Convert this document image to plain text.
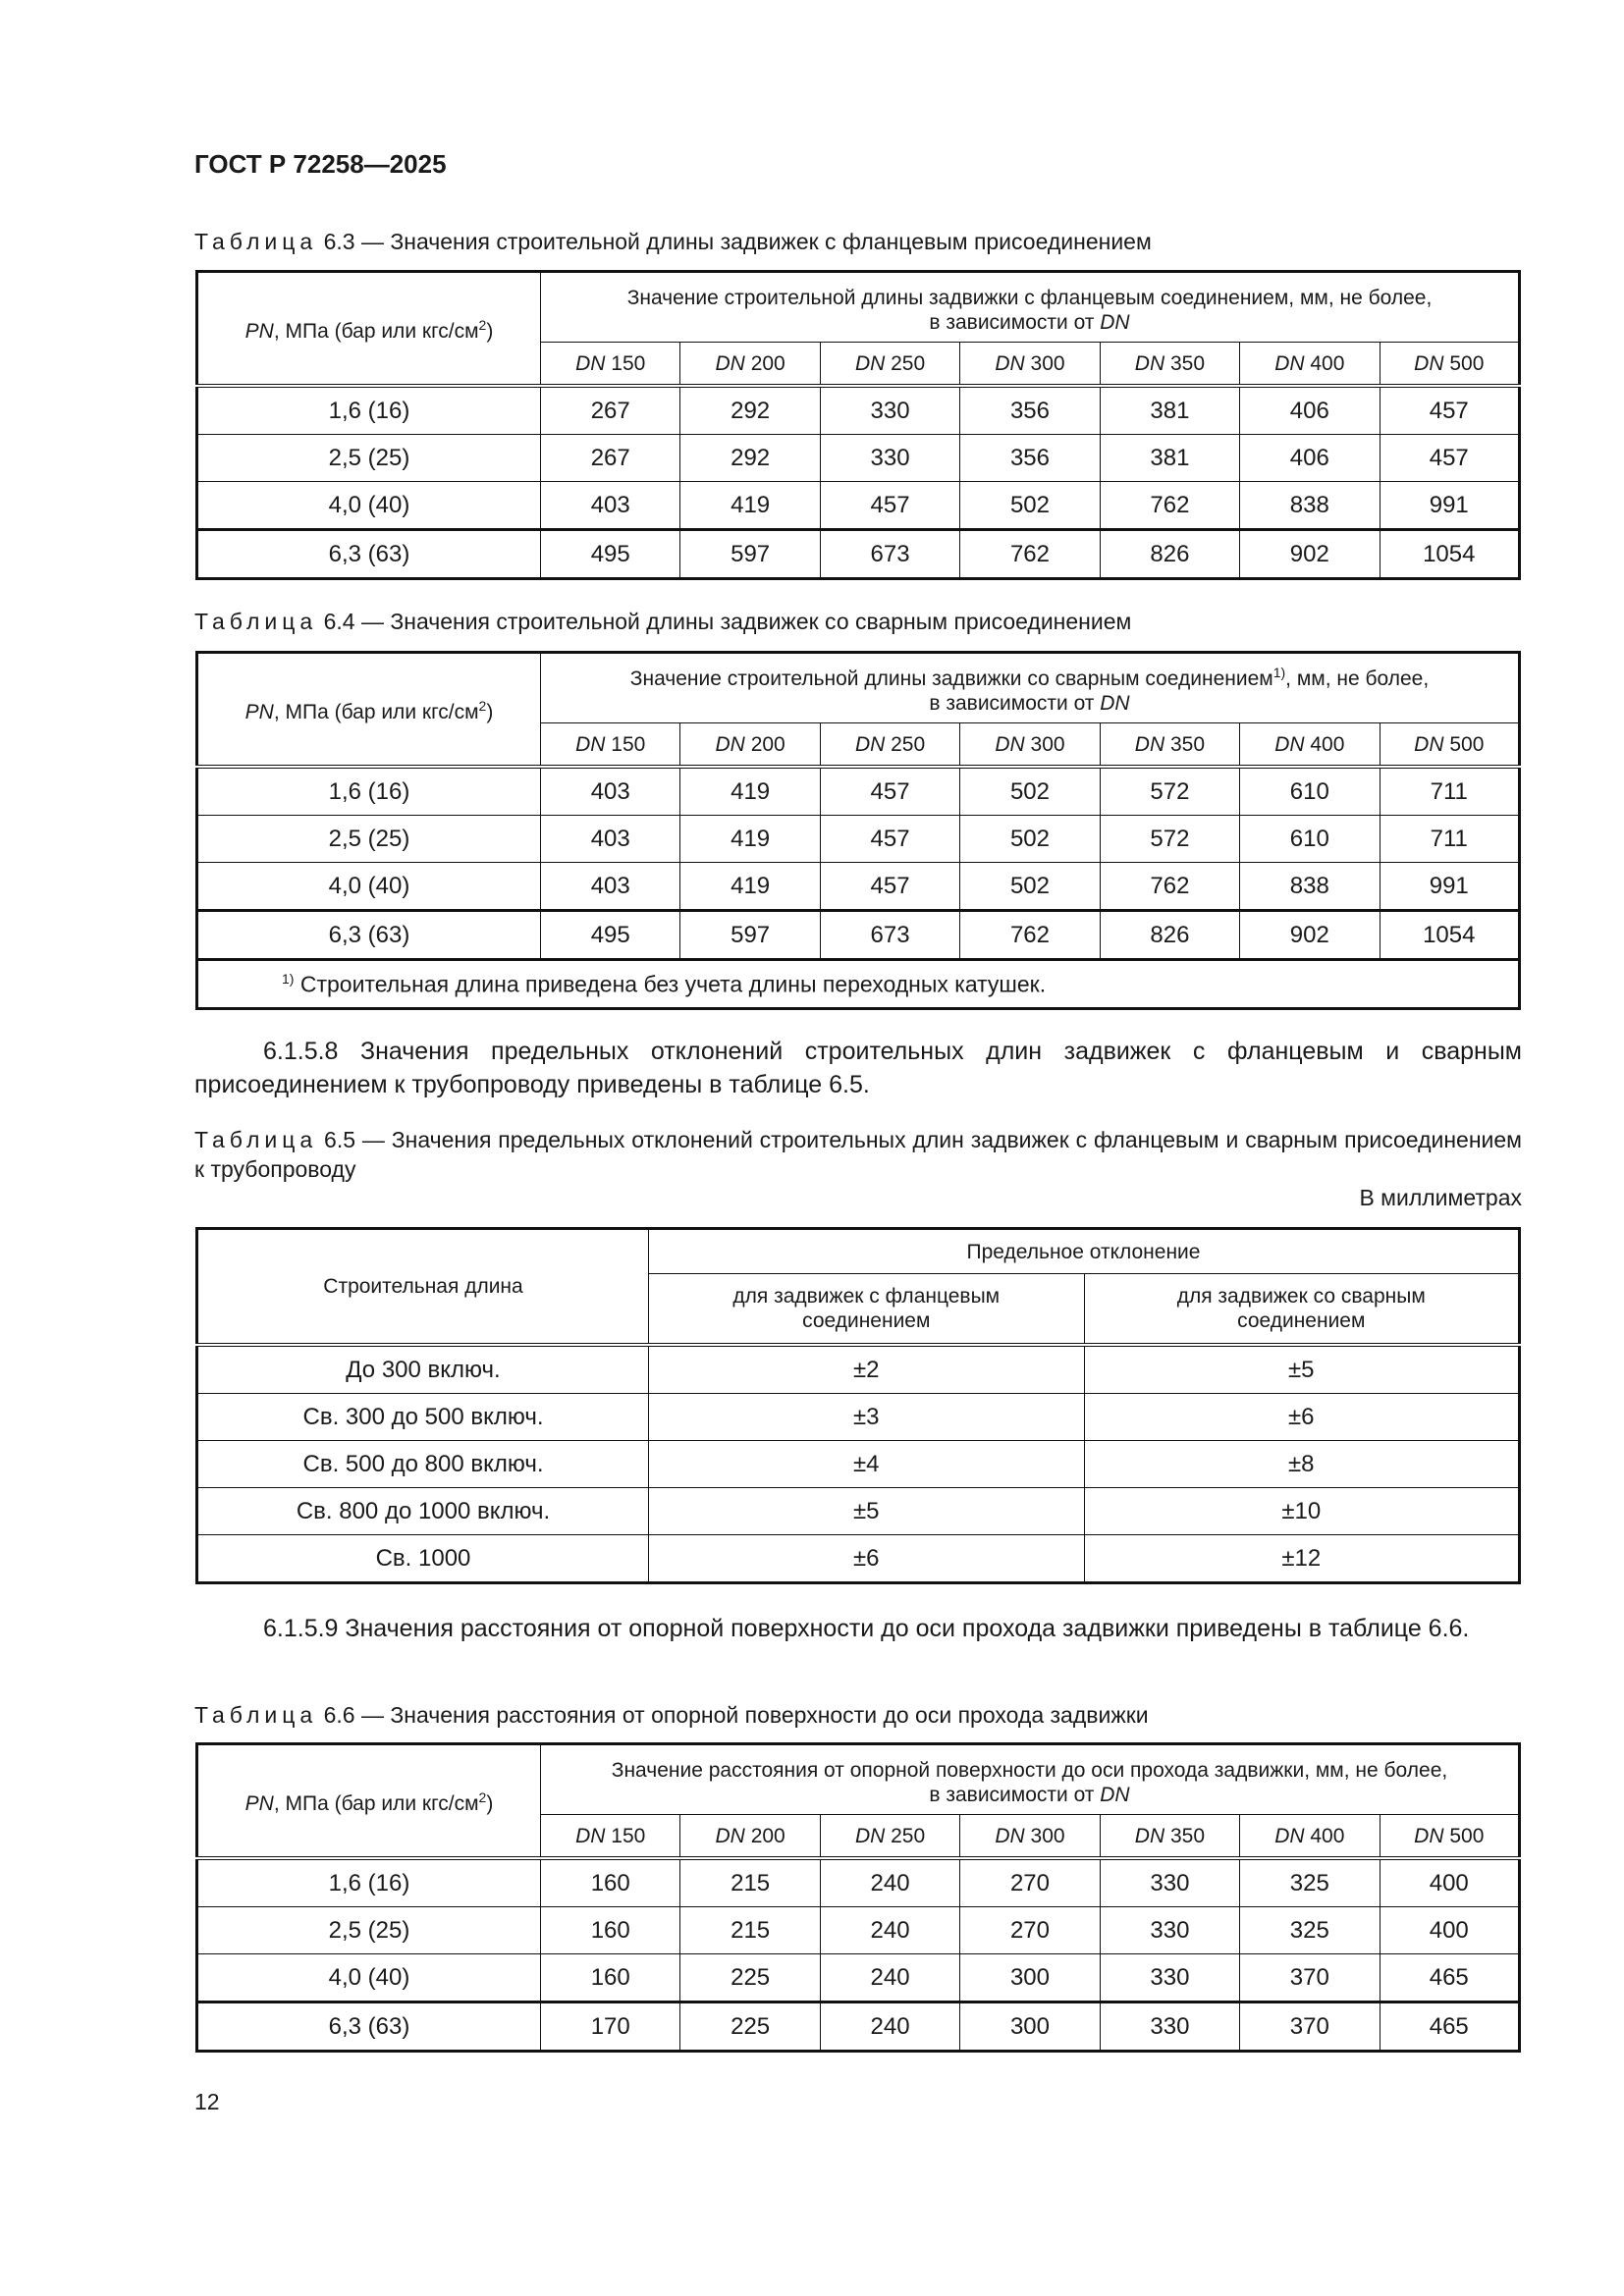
ГОСТ Р 72258—2025
Таблица 6.3 — Значения строительной длины задвижек с фланцевым присоединением
PN, МПа (бар или кгс/$см^2$)	Значение строительной длины задвижки с фланцевым соединением, мм, не более,
в зависимости от DN						
	DN 150	DN 200	DN 250	DN 300	DN 350	DN 400	DN 500
1,6 (16)	267	292	330	356	381	406	457
2,5 (25)	267	292	330	356	381	406	457
4,0 (40)	403	419	457	502	762	838	991
6,3 (63)	495	597	673	762	826	902	1054
Таблица 6.4 — Значения строительной длины задвижек со сварным присоединением
PN, МПа (бар или кгс/$см^2$)	Значение строительной длины задвижки со сварным соединением$^{1)}$, мм, не более,
в зависимости от DN						
	DN 150	DN 200	DN 250	DN 300	DN 350	DN 400	DN 500
1,6 (16)	403	419	457	502	572	610	711
2,5 (25)	403	419	457	502	572	610	711
4,0 (40)	403	419	457	502	762	838	991
6,3 (63)	495	597	673	762	826	902	1054
$^{1)}$ Строительная длина приведена без учета длины переходных катушек.							
6.1.5.8 Значения предельных отклонений строительных длин задвижек с фланцевым и сварным присоединением к трубопроводу приведены в таблице 6.5.
Таблица 6.5 — Значения предельных отклонений строительных длин задвижек с фланцевым и сварным присоединением к трубопроводу
В миллиметрах
Строительная длина	Предельное отклонение	
	для задвижек с фланцевым соединением	для задвижек со сварным соединением
До 300 включ.	±2	±5
Св. 300 до 500 включ.	±3	±6
Св. 500 до 800 включ.	±4	±8
Св. 800 до 1000 включ.	±5	±10
Св. 1000	±6	±12
6.1.5.9 Значения расстояния от опорной поверхности до оси прохода задвижки приведены в таблице 6.6.
Таблица 6.6 — Значения расстояния от опорной поверхности до оси прохода задвижки
PN, МПа (бар или кгс/$см^2$)	Значение расстояния от опорной поверхности до оси прохода задвижки, мм, не более,
в зависимости от DN						
	DN 150	DN 200	DN 250	DN 300	DN 350	DN 400	DN 500
1,6 (16)	160	215	240	270	330	325	400
2,5 (25)	160	215	240	270	330	325	400
4,0 (40)	160	225	240	300	330	370	465
6,3 (63)	170	225	240	300	330	370	465
12
